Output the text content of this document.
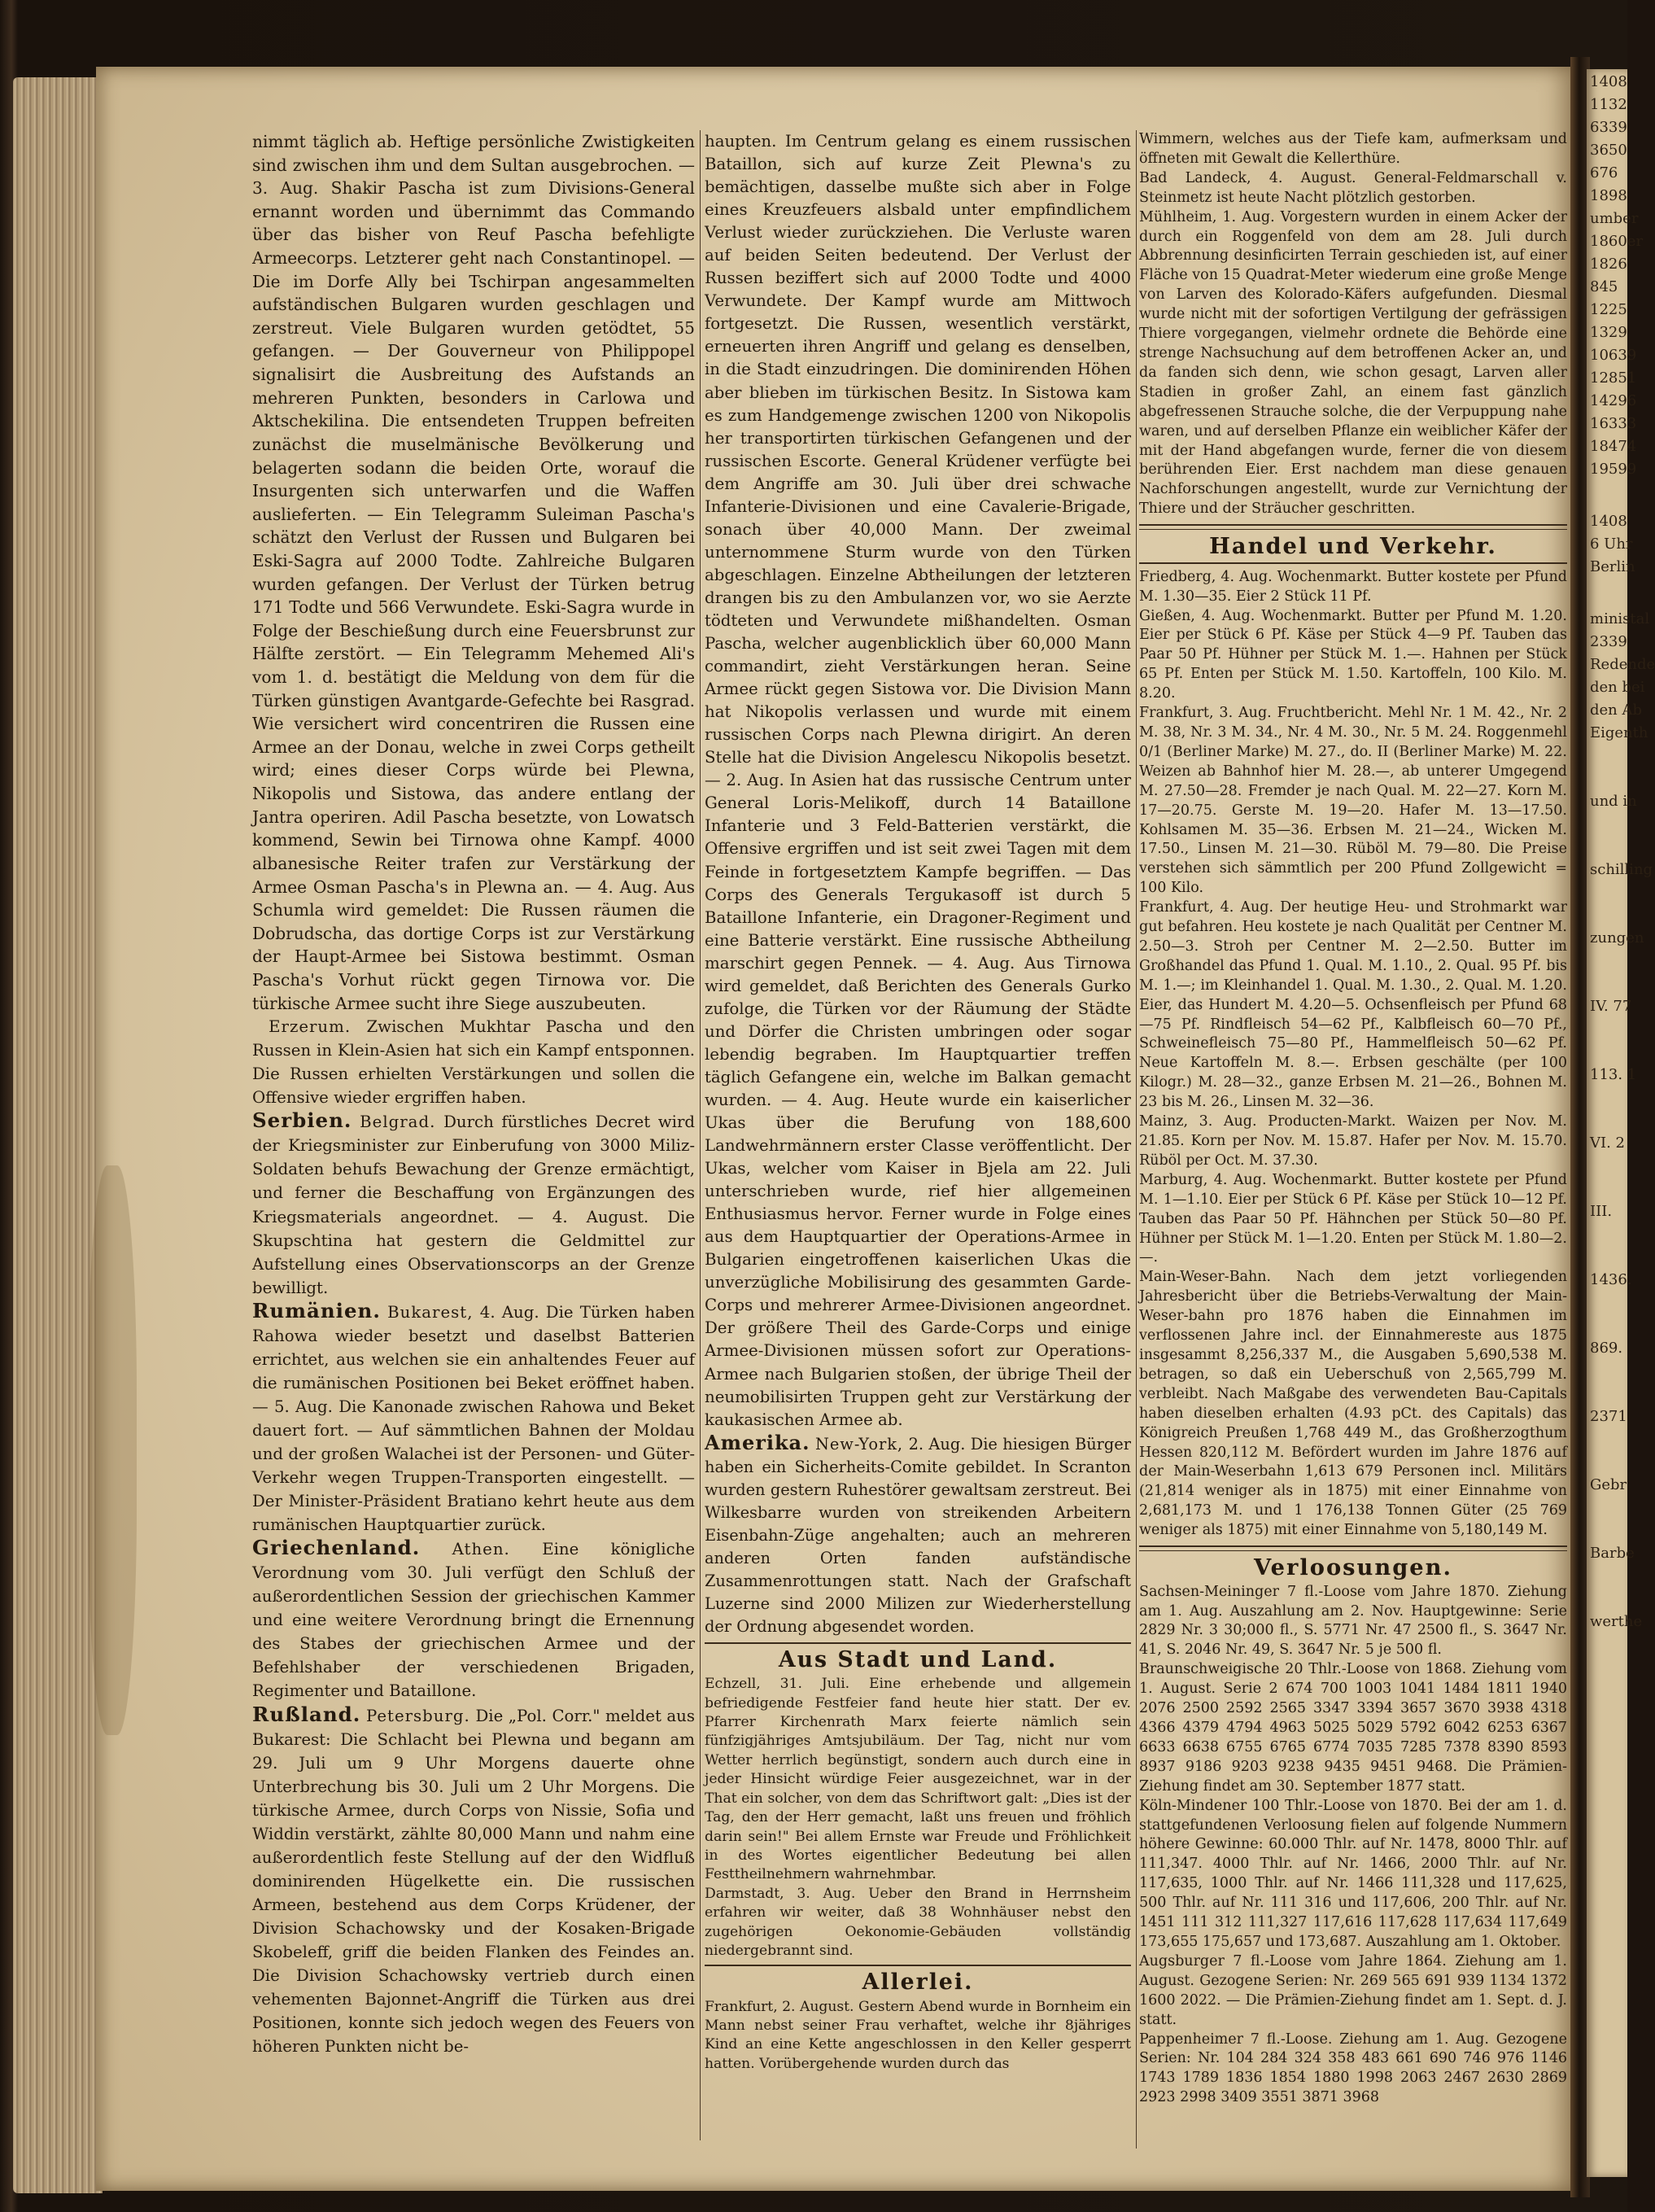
1408
1132
6339
3650
676
1898
umber
1860er
1826
845
1225
1329
10639
12851
14296
16333
18474
19599
1408
6 Uhr
Berlin
ministal
2339
Redende
den bei
den Ab
Eigenth
und in
schilling
zungen
IV. 77
113. 1
VI. 2
III.
1436.
869.
2371
Gebr
Barbe
werthe

nimmt täglich ab. Heftige persönliche Zwistigkeiten sind zwischen ihm und dem Sultan ausgebrochen. — 3. Aug. Shakir Pascha ist zum Divisions-General ernannt worden und übernimmt das Commando über das bisher von Reuf Pascha befehligte Armeecorps. Letzterer geht nach Constantinopel. — Die im Dorfe Ally bei Tschirpan angesammelten aufständischen Bulgaren wurden geschlagen und zerstreut. Viele Bulgaren wurden getödtet, 55 gefangen. — Der Gouverneur von Philippopel signalisirt die Ausbreitung des Aufstands an mehreren Punkten, besonders in Carlowa und Aktschekilina. Die entsendeten Truppen befreiten zunächst die muselmänische Bevölkerung und belagerten sodann die beiden Orte, worauf die Insurgenten sich unterwarfen und die Waffen auslieferten. — Ein Telegramm Suleiman Pascha's schätzt den Verlust der Russen und Bulgaren bei Eski-Sagra auf 2000 Todte. Zahlreiche Bulgaren wurden gefangen. Der Verlust der Türken betrug 171 Todte und 566 Verwundete. Eski-Sagra wurde in Folge der Beschießung durch eine Feuersbrunst zur Hälfte zerstört. — Ein Telegramm Mehemed Ali's vom 1. d. bestätigt die Meldung von dem für die Türken günstigen Avantgarde-Gefechte bei Rasgrad. Wie versichert wird concentriren die Russen eine Armee an der Donau, welche in zwei Corps getheilt wird; eines dieser Corps würde bei Plewna, Nikopolis und Sistowa, das andere entlang der Jantra operiren. Adil Pascha besetzte, von Lowatsch kommend, Sewin bei Tirnowa ohne Kampf. 4000 albanesische Reiter trafen zur Verstärkung der Armee Osman Pascha's in Plewna an. — 4. Aug. Aus Schumla wird gemeldet: Die Russen räumen die Dobrudscha, das dortige Corps ist zur Verstärkung der Haupt-Armee bei Sistowa bestimmt. Osman Pascha's Vorhut rückt gegen Tirnowa vor. Die türkische Armee sucht ihre Siege auszubeuten.

 Erzerum. Zwischen Mukhtar Pascha und den Russen in Klein-Asien hat sich ein Kampf entsponnen. Die Russen erhielten Verstärkungen und sollen die Offensive wieder ergriffen haben.

Serbien. Belgrad. Durch fürstliches Decret wird der Kriegsminister zur Einberufung von 3000 Miliz-Soldaten behufs Bewachung der Grenze ermächtigt, und ferner die Beschaffung von Ergänzungen des Kriegsmaterials angeordnet. — 4. August. Die Skupschtina hat gestern die Geldmittel zur Aufstellung eines Observationscorps an der Grenze bewilligt.

Rumänien. Bukarest, 4. Aug. Die Türken haben Rahowa wieder besetzt und daselbst Batterien errichtet, aus welchen sie ein anhaltendes Feuer auf die rumänischen Positionen bei Beket eröffnet haben. — 5. Aug. Die Kanonade zwischen Rahowa und Beket dauert fort. — Auf sämmtlichen Bahnen der Moldau und der großen Walachei ist der Personen- und Güter-Verkehr wegen Truppen-Transporten eingestellt. — Der Minister-Präsident Bratiano kehrt heute aus dem rumänischen Hauptquartier zurück.

Griechenland. Athen. Eine königliche Verordnung vom 30. Juli verfügt den Schluß der außerordentlichen Session der griechischen Kammer und eine weitere Verordnung bringt die Ernennung des Stabes der griechischen Armee und der Befehlshaber der verschiedenen Brigaden, Regimenter und Bataillone.

Rußland. Petersburg. Die „Pol. Corr." meldet aus Bukarest: Die Schlacht bei Plewna und begann am 29. Juli um 9 Uhr Morgens dauerte ohne Unterbrechung bis 30. Juli um 2 Uhr Morgens. Die türkische Armee, durch Corps von Nissie, Sofia und Widdin verstärkt, zählte 80,000 Mann und nahm eine außerordentlich feste Stellung auf der den Widfluß dominirenden Hügelkette ein. Die russischen Armeen, bestehend aus dem Corps Krüdener, der Division Schachowsky und der Kosaken-Brigade Skobeleff, griff die beiden Flanken des Feindes an. Die Division Schachowsky vertrieb durch einen vehementen Bajonnet-Angriff die Türken aus drei Positionen, konnte sich jedoch wegen des Feuers von höheren Punkten nicht be-

haupten. Im Centrum gelang es einem russischen Bataillon, sich auf kurze Zeit Plewna's zu bemächtigen, dasselbe mußte sich aber in Folge eines Kreuzfeuers alsbald unter empfindlichem Verlust wieder zurückziehen. Die Verluste waren auf beiden Seiten bedeutend. Der Verlust der Russen beziffert sich auf 2000 Todte und 4000 Verwundete. Der Kampf wurde am Mittwoch fortgesetzt. Die Russen, wesentlich verstärkt, erneuerten ihren Angriff und gelang es denselben, in die Stadt einzudringen. Die dominirenden Höhen aber blieben im türkischen Besitz. In Sistowa kam es zum Handgemenge zwischen 1200 von Nikopolis her transportirten türkischen Gefangenen und der russischen Escorte. General Krüdener verfügte bei dem Angriffe am 30. Juli über drei schwache Infanterie-Divisionen und eine Cavalerie-Brigade, sonach über 40,000 Mann. Der zweimal unternommene Sturm wurde von den Türken abgeschlagen. Einzelne Abtheilungen der letzteren drangen bis zu den Ambulanzen vor, wo sie Aerzte tödteten und Verwundete mißhandelten. Osman Pascha, welcher augenblicklich über 60,000 Mann commandirt, zieht Verstärkungen heran. Seine Armee rückt gegen Sistowa vor. Die Division Mann hat Nikopolis verlassen und wurde mit einem russischen Corps nach Plewna dirigirt. An deren Stelle hat die Division Angelescu Nikopolis besetzt. — 2. Aug. In Asien hat das russische Centrum unter General Loris-Melikoff, durch 14 Bataillone Infanterie und 3 Feld-Batterien verstärkt, die Offensive ergriffen und ist seit zwei Tagen mit dem Feinde in fortgesetztem Kampfe begriffen. — Das Corps des Generals Tergukasoff ist durch 5 Bataillone Infanterie, ein Dragoner-Regiment und eine Batterie verstärkt. Eine russische Abtheilung marschirt gegen Pennek. — 4. Aug. Aus Tirnowa wird gemeldet, daß Berichten des Generals Gurko zufolge, die Türken vor der Räumung der Städte und Dörfer die Christen umbringen oder sogar lebendig begraben. Im Hauptquartier treffen täglich Gefangene ein, welche im Balkan gemacht wurden. — 4. Aug. Heute wurde ein kaiserlicher Ukas über die Berufung von 188,600 Landwehrmännern erster Classe veröffentlicht. Der Ukas, welcher vom Kaiser in Bjela am 22. Juli unterschrieben wurde, rief hier allgemeinen Enthusiasmus hervor. Ferner wurde in Folge eines aus dem Hauptquartier der Operations-Armee in Bulgarien eingetroffenen kaiserlichen Ukas die unverzügliche Mobilisirung des gesammten Garde-Corps und mehrerer Armee-Divisionen angeordnet. Der größere Theil des Garde-Corps und einige Armee-Divisionen müssen sofort zur Operations-Armee nach Bulgarien stoßen, der übrige Theil der neumobilisirten Truppen geht zur Verstärkung der kaukasischen Armee ab.

Amerika. New-York, 2. Aug. Die hiesigen Bürger haben ein Sicherheits-Comite gebildet. In Scranton wurden gestern Ruhestörer gewaltsam zerstreut. Bei Wilkesbarre wurden von streikenden Arbeitern Eisenbahn-Züge angehalten; auch an mehreren anderen Orten fanden aufständische Zusammenrottungen statt. Nach der Grafschaft Luzerne sind 2000 Milizen zur Wiederherstellung der Ordnung abgesendet worden.

Aus Stadt und Land.

Echzell, 31. Juli. Eine erhebende und allgemein befriedigende Festfeier fand heute hier statt. Der ev. Pfarrer Kirchenrath Marx feierte nämlich sein fünfzigjähriges Amtsjubiläum. Der Tag, nicht nur vom Wetter herrlich begünstigt, sondern auch durch eine in jeder Hinsicht würdige Feier ausgezeichnet, war in der That ein solcher, von dem das Schriftwort galt: „Dies ist der Tag, den der Herr gemacht, laßt uns freuen und fröhlich darin sein!" Bei allem Ernste war Freude und Fröhlichkeit in des Wortes eigentlicher Bedeutung bei allen Festtheilnehmern wahrnehmbar.

Darmstadt, 3. Aug. Ueber den Brand in Herrnsheim erfahren wir weiter, daß 38 Wohnhäuser nebst den zugehörigen Oekonomie-Gebäuden vollständig niedergebrannt sind.

Allerlei.

Frankfurt, 2. August. Gestern Abend wurde in Bornheim ein Mann nebst seiner Frau verhaftet, welche ihr 8jähriges Kind an eine Kette angeschlossen in den Keller gesperrt hatten. Vorübergehende wurden durch das

Wimmern, welches aus der Tiefe kam, aufmerksam und öffneten mit Gewalt die Kellerthüre.

Bad Landeck, 4. August. General-Feldmarschall v. Steinmetz ist heute Nacht plötzlich gestorben.

Mühlheim, 1. Aug. Vorgestern wurden in einem Acker der durch ein Roggenfeld von dem am 28. Juli durch Abbrennung desinficirten Terrain geschieden ist, auf einer Fläche von 15 Quadrat-Meter wiederum eine große Menge von Larven des Kolorado-Käfers aufgefunden. Diesmal wurde nicht mit der sofortigen Vertilgung der gefrässigen Thiere vorgegangen, vielmehr ordnete die Behörde eine strenge Nachsuchung auf dem betroffenen Acker an, und da fanden sich denn, wie schon gesagt, Larven aller Stadien in großer Zahl, an einem fast gänzlich abgefressenen Strauche solche, die der Verpuppung nahe waren, und auf derselben Pflanze ein weiblicher Käfer der mit der Hand abgefangen wurde, ferner die von diesem berührenden Eier. Erst nachdem man diese genauen Nachforschungen angestellt, wurde zur Vernichtung der Thiere und der Sträucher geschritten.

Handel und Verkehr.

Friedberg, 4. Aug. Wochenmarkt. Butter kostete per Pfund M. 1.30—35. Eier 2 Stück 11 Pf.

Gießen, 4. Aug. Wochenmarkt. Butter per Pfund M. 1.20. Eier per Stück 6 Pf. Käse per Stück 4—9 Pf. Tauben das Paar 50 Pf. Hühner per Stück M. 1.—. Hahnen per Stück 65 Pf. Enten per Stück M. 1.50. Kartoffeln, 100 Kilo. M. 8.20.

Frankfurt, 3. Aug. Fruchtbericht. Mehl Nr. 1 M. 42., Nr. 2 M. 38, Nr. 3 M. 34., Nr. 4 M. 30., Nr. 5 M. 24. Roggenmehl 0/1 (Berliner Marke) M. 27., do. II (Berliner Marke) M. 22. Weizen ab Bahnhof hier M. 28.—, ab unterer Umgegend M. 27.50—28. Fremder je nach Qual. M. 22—27. Korn M. 17—20.75. Gerste M. 19—20. Hafer M. 13—17.50. Kohlsamen M. 35—36. Erbsen M. 21—24., Wicken M. 17.50., Linsen M. 21—30. Rüböl M. 79—80. Die Preise verstehen sich sämmtlich per 200 Pfund Zollgewicht = 100 Kilo.

Frankfurt, 4. Aug. Der heutige Heu- und Strohmarkt war gut befahren. Heu kostete je nach Qualität per Centner M. 2.50—3. Stroh per Centner M. 2—2.50. Butter im Großhandel das Pfund 1. Qual. M. 1.10., 2. Qual. 95 Pf. bis M. 1.—; im Kleinhandel 1. Qual. M. 1.30., 2. Qual. M. 1.20. Eier, das Hundert M. 4.20—5. Ochsenfleisch per Pfund 68—75 Pf. Rindfleisch 54—62 Pf., Kalbfleisch 60—70 Pf., Schweinefleisch 75—80 Pf., Hammelfleisch 50—62 Pf. Neue Kartoffeln M. 8.—. Erbsen geschälte (per 100 Kilogr.) M. 28—32., ganze Erbsen M. 21—26., Bohnen M. 23 bis M. 26., Linsen M. 32—36.

Mainz, 3. Aug. Producten-Markt. Waizen per Nov. M. 21.85. Korn per Nov. M. 15.87. Hafer per Nov. M. 15.70. Rüböl per Oct. M. 37.30.

Marburg, 4. Aug. Wochenmarkt. Butter kostete per Pfund M. 1—1.10. Eier per Stück 6 Pf. Käse per Stück 10—12 Pf. Tauben das Paar 50 Pf. Hähnchen per Stück 50—80 Pf. Hühner per Stück M. 1—1.20. Enten per Stück M. 1.80—2.—.

Main-Weser-Bahn. Nach dem jetzt vorliegenden Jahresbericht über die Betriebs-Verwaltung der Main-Weser-bahn pro 1876 haben die Einnahmen im verflossenen Jahre incl. der Einnahmereste aus 1875 insgesammt 8,256,337 M., die Ausgaben 5,690,538 M. betragen, so daß ein Ueberschuß von 2,565,799 M. verbleibt. Nach Maßgabe des verwendeten Bau-Capitals haben dieselben erhalten (4.93 pCt. des Capitals) das Königreich Preußen 1,768 449 M., das Großherzogthum Hessen 820,112 M. Befördert wurden im Jahre 1876 auf der Main-Weserbahn 1,613 679 Personen incl. Militärs (21,814 weniger als in 1875) mit einer Einnahme von 2,681,173 M. und 1 176,138 Tonnen Güter (25 769 weniger als 1875) mit einer Einnahme von 5,180,149 M.

Verloosungen.

Sachsen-Meininger 7 fl.-Loose vom Jahre 1870. Ziehung am 1. Aug. Auszahlung am 2. Nov. Hauptgewinne: Serie 2829 Nr. 3 30;000 fl., S. 5771 Nr. 47 2500 fl., S. 3647 Nr. 41, S. 2046 Nr. 49, S. 3647 Nr. 5 je 500 fl.

Braunschweigische 20 Thlr.-Loose von 1868. Ziehung vom 1. August. Serie 2 674 700 1003 1041 1484 1811 1940 2076 2500 2592 2565 3347 3394 3657 3670 3938 4318 4366 4379 4794 4963 5025 5029 5792 6042 6253 6367 6633 6638 6755 6765 6774 7035 7285 7378 8390 8593 8937 9186 9203 9238 9435 9451 9468. Die Prämien-Ziehung findet am 30. September 1877 statt.

Köln-Mindener 100 Thlr.-Loose von 1870. Bei der am 1. d. stattgefundenen Verloosung fielen auf folgende Nummern höhere Gewinne: 60.000 Thlr. auf Nr. 1478, 8000 Thlr. auf 111,347. 4000 Thlr. auf Nr. 1466, 2000 Thlr. auf Nr. 117,635, 1000 Thlr. auf Nr. 1466 111,328 und 117,625, 500 Thlr. auf Nr. 111 316 und 117,606, 200 Thlr. auf Nr. 1451 111 312 111,327 117,616 117,628 117,634 117,649 173,655 175,657 und 173,687. Auszahlung am 1. Oktober.

Augsburger 7 fl.-Loose vom Jahre 1864. Ziehung am 1. August. Gezogene Serien: Nr. 269 565 691 939 1134 1372 1600 2022. — Die Prämien-Ziehung findet am 1. Sept. d. J. statt.

Pappenheimer 7 fl.-Loose. Ziehung am 1. Aug. Gezogene Serien: Nr. 104 284 324 358 483 661 690 746 976 1146 1743 1789 1836 1854 1880 1998 2063 2467 2630 2869 2923 2998 3409 3551 3871 3968
